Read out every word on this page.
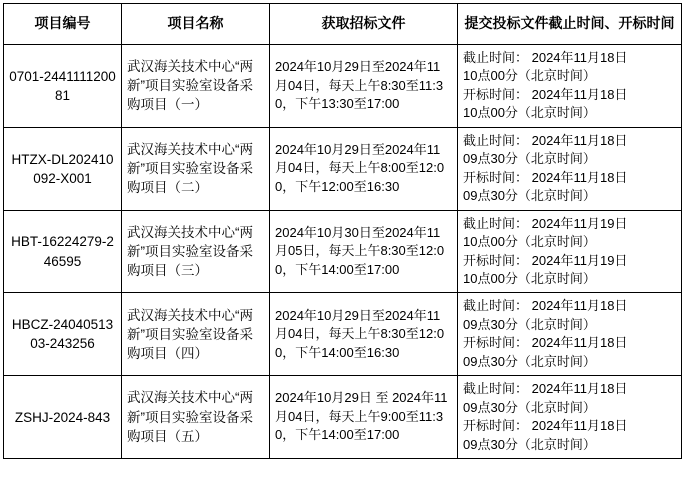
项目编号	项目名称	获取招标文件	提交投标文件截止时间、开标时间
0701-244111120081	武汉海关技术中心“两新”项目实验室设备采购项目（一）	2024年10月29日至2024年11月04日，每天上午8:30至11:30，下午13:30至17:00	截止时间： 2024年11月18日
10点00分（北京时间）
开标时间： 2024年11月18日
10点00分（北京时间）

HTZX-DL202410092-X001	武汉海关技术中心“两新”项目实验室设备采购项目（二）	2024年10月29日至2024年11月04日，每天上午8:00至12:00，下午12:00至16:30	截止时间： 2024年11月18日
09点30分（北京时间）
开标时间： 2024年11月18日
09点30分（北京时间）

HBT-16224279-246595	武汉海关技术中心“两新”项目实验室设备采购项目（三）	2024年10月30日至2024年11月05日，每天上午8:30至12:00，下午14:00至17:00	截止时间： 2024年11月19日
10点00分（北京时间）
开标时间： 2024年11月19日
10点00分（北京时间）

HBCZ-2404051303-243256	武汉海关技术中心“两新”项目实验室设备采购项目（四）	2024年10月29日至2024年11月04日，每天上午8:30至12:00，下午14:00至16:30	截止时间： 2024年11月18日
09点30分（北京时间）
开标时间： 2024年11月18日
09点30分（北京时间）

ZSHJ-2024-843	武汉海关技术中心“两新”项目实验室设备采购项目（五）	2024年10月29日 至 2024年11月04日，每天上午9:00至11:30，下午14:00至17:00	截止时间： 2024年11月18日
09点30分（北京时间）
开标时间： 2024年11月18日
09点30分（北京时间）
